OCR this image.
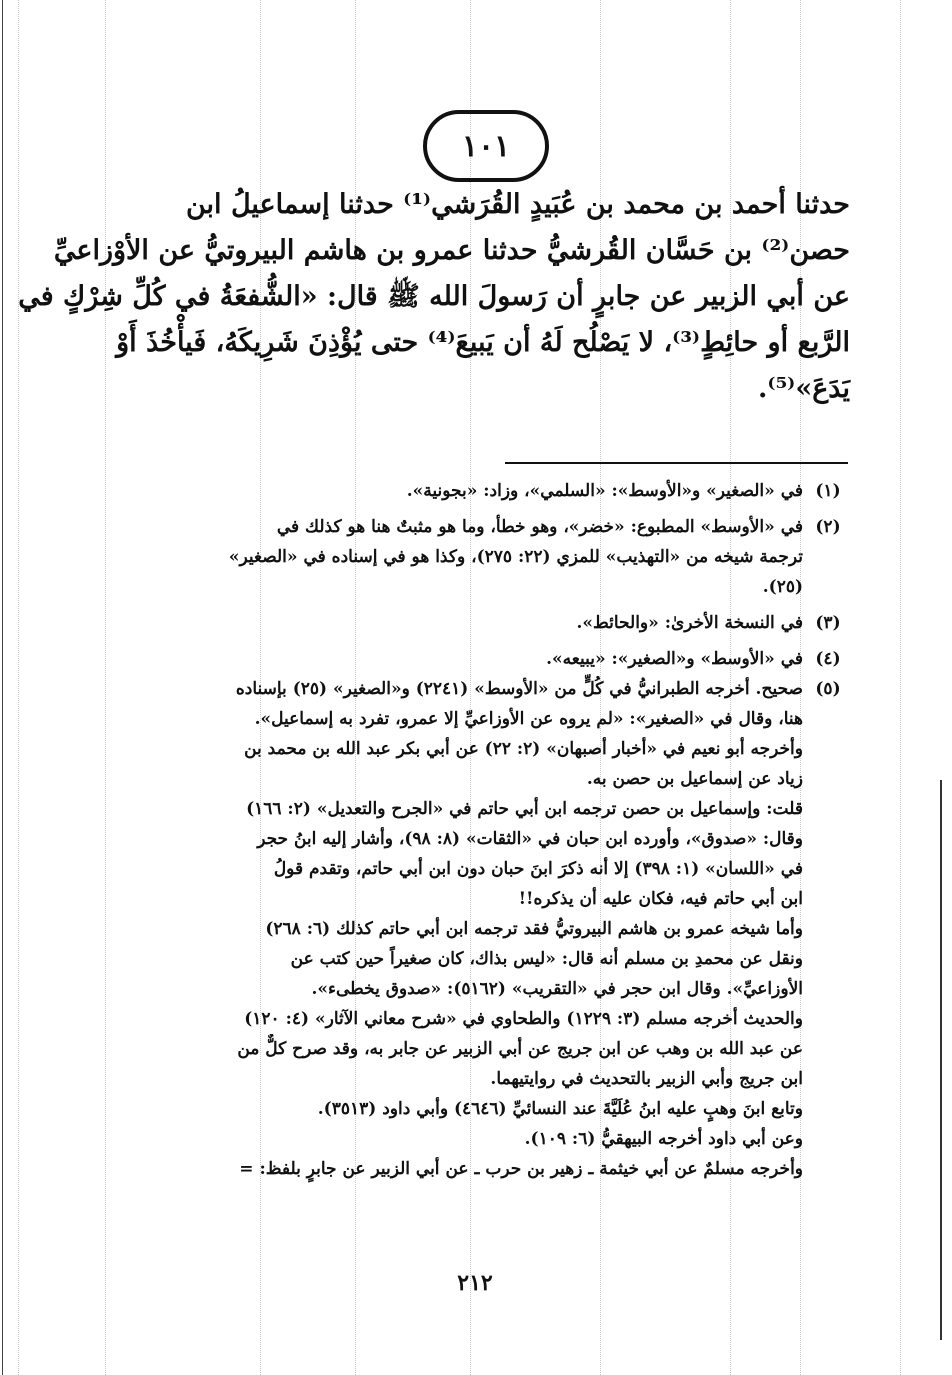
١٠١
حدثنا أحمد بن محمد بن عُبَيدٍ القُرَشي⁽¹⁾ حدثنا إسماعيلُ ابن
حصن⁽²⁾ بن حَسَّان القُرشيُّ حدثنا عمرو بن هاشم البيروتيُّ عن الأوْزاعيِّ
عن أبي الزبير عن جابرٍ أن رَسولَ الله ﷺ قال: «الشُّفعَةُ في كُلِّ شِرْكٍ في
الرَّبع أو حائِطٍ⁽³⁾، لا يَصْلُح لَهُ أن يَبيعَ⁽⁴⁾ حتى يُؤْذِنَ شَرِيكَهُ، فَيأْخُذَ أَوْ
يَدَعَ»⁽⁵⁾.
(١)
في «الصغير» و«الأوسط»: «السلمي»، وزاد: «بجونية».
(٢)
في «الأوسط» المطبوع: «خضر»، وهو خطأ، وما هو مثبتٌ هنا هو كذلك في
ترجمة شيخه من «التهذيب» للمزي (٢٢: ٢٧٥)، وكذا هو في إسناده في «الصغير»
(٢٥).
(٣)
في النسخة الأخرىٰ: «والحائط».
(٤)
في «الأوسط» و«الصغير»: «يبيعه».
(٥)
صحيح. أخرجه الطبرانيُّ في كُلٍّ من «الأوسط» (٢٢٤١) و«الصغير» (٢٥) بإسناده
هنا، وقال في «الصغير»: «لم يروه عن الأوزاعيِّ إلا عمرو، تفرد به إسماعيل».
وأخرجه أبو نعيم في «أخبار أصبهان» (٢: ٢٢) عن أبي بكر عبد الله بن محمد بن
زياد عن إسماعيل بن حصن به.
قلت: وإسماعيل بن حصن ترجمه ابن أبي حاتم في «الجرح والتعديل» (٢: ١٦٦)
وقال: «صدوق»، وأورده ابن حبان في «الثقات» (٨: ٩٨)، وأشار إليه ابنُ حجر
في «اللسان» (١: ٣٩٨) إلا أنه ذكرَ ابنَ حبان دون ابن أبي حاتم، وتقدم قولُ
ابن أبي حاتم فيه، فكان عليه أن يذكره!!
وأما شيخه عمرو بن هاشم البيروتيُّ فقد ترجمه ابن أبي حاتم كذلك (٦: ٢٦٨)
ونقل عن محمدِ بن مسلم أنه قال: «ليس بذاك، كان صغيراً حين كتب عن
الأوزاعيِّ». وقال ابن حجر في «التقريب» (٥١٦٢): «صدوق يخطىء».
والحديث أخرجه مسلم (٣: ١٢٢٩) والطحاوي في «شرح معاني الآثار» (٤: ١٢٠)
عن عبد الله بن وهب عن ابن جريج عن أبي الزبير عن جابر به، وقد صرح كلٌّ من
ابن جريج وأبي الزبير بالتحديث في روايتيهما.
وتابع ابنَ وهبٍ عليه ابنُ عُلَيَّةَ عند النسائيِّ (٤٦٤٦) وأبي داود (٣٥١٣).
وعن أبي داود أخرجه البيهقيُّ (٦: ١٠٩).
وأخرجه مسلمٌ عن أبي خيثمة ـ زهير بن حرب ـ عن أبي الزبير عن جابرٍ بلفظ: =
٢١٢
